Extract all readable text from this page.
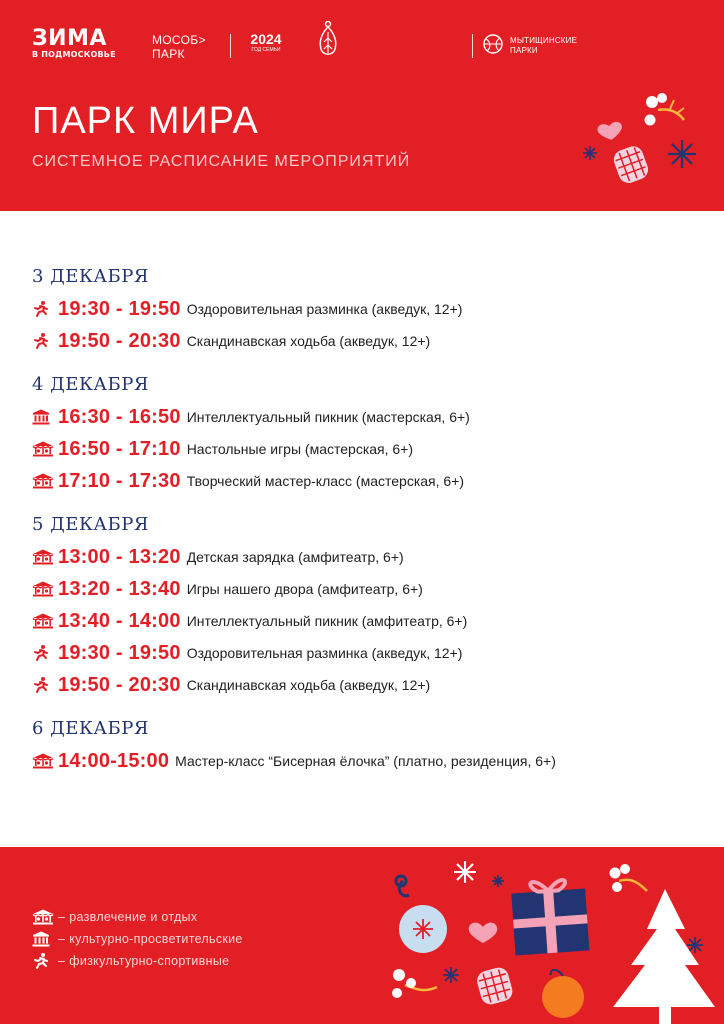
ЗИМА
В ПОДМОСКОВЬЕ
МОСОБ>
ПАРК
2024
ГОД СЕМЬИ
МЫТИЩИНСКИЕ
ПАРКИ
ПАРК МИРА
СИСТЕМНОЕ РАСПИСАНИЕ МЕРОПРИЯТИЙ
3 ДЕКАБРЯ
19:30 - 19:50 Оздоровительная разминка (акведук, 12+)
19:50 - 20:30 Скандинавская ходьба (акведук, 12+)
4 ДЕКАБРЯ
16:30 - 16:50 Интеллектуальный пикник (мастерская, 6+)
16:50 - 17:10 Настольные игры (мастерская, 6+)
17:10 - 17:30 Творческий мастер-класс (мастерская, 6+)
5 ДЕКАБРЯ
13:00 - 13:20 Детская зарядка (амфитеатр, 6+)
13:20 - 13:40 Игры нашего двора (амфитеатр, 6+)
13:40 - 14:00 Интеллектуальный пикник (амфитеатр, 6+)
19:30 - 19:50 Оздоровительная разминка (акведук, 12+)
19:50 - 20:30 Скандинавская ходьба (акведук, 12+)
6 ДЕКАБРЯ
14:00-15:00 Мастер-класс “Бисерная ёлочка” (платно, резиденция, 6+)
– развлечение и отдых
– культурно-просветительские
– физкультурно-спортивные
